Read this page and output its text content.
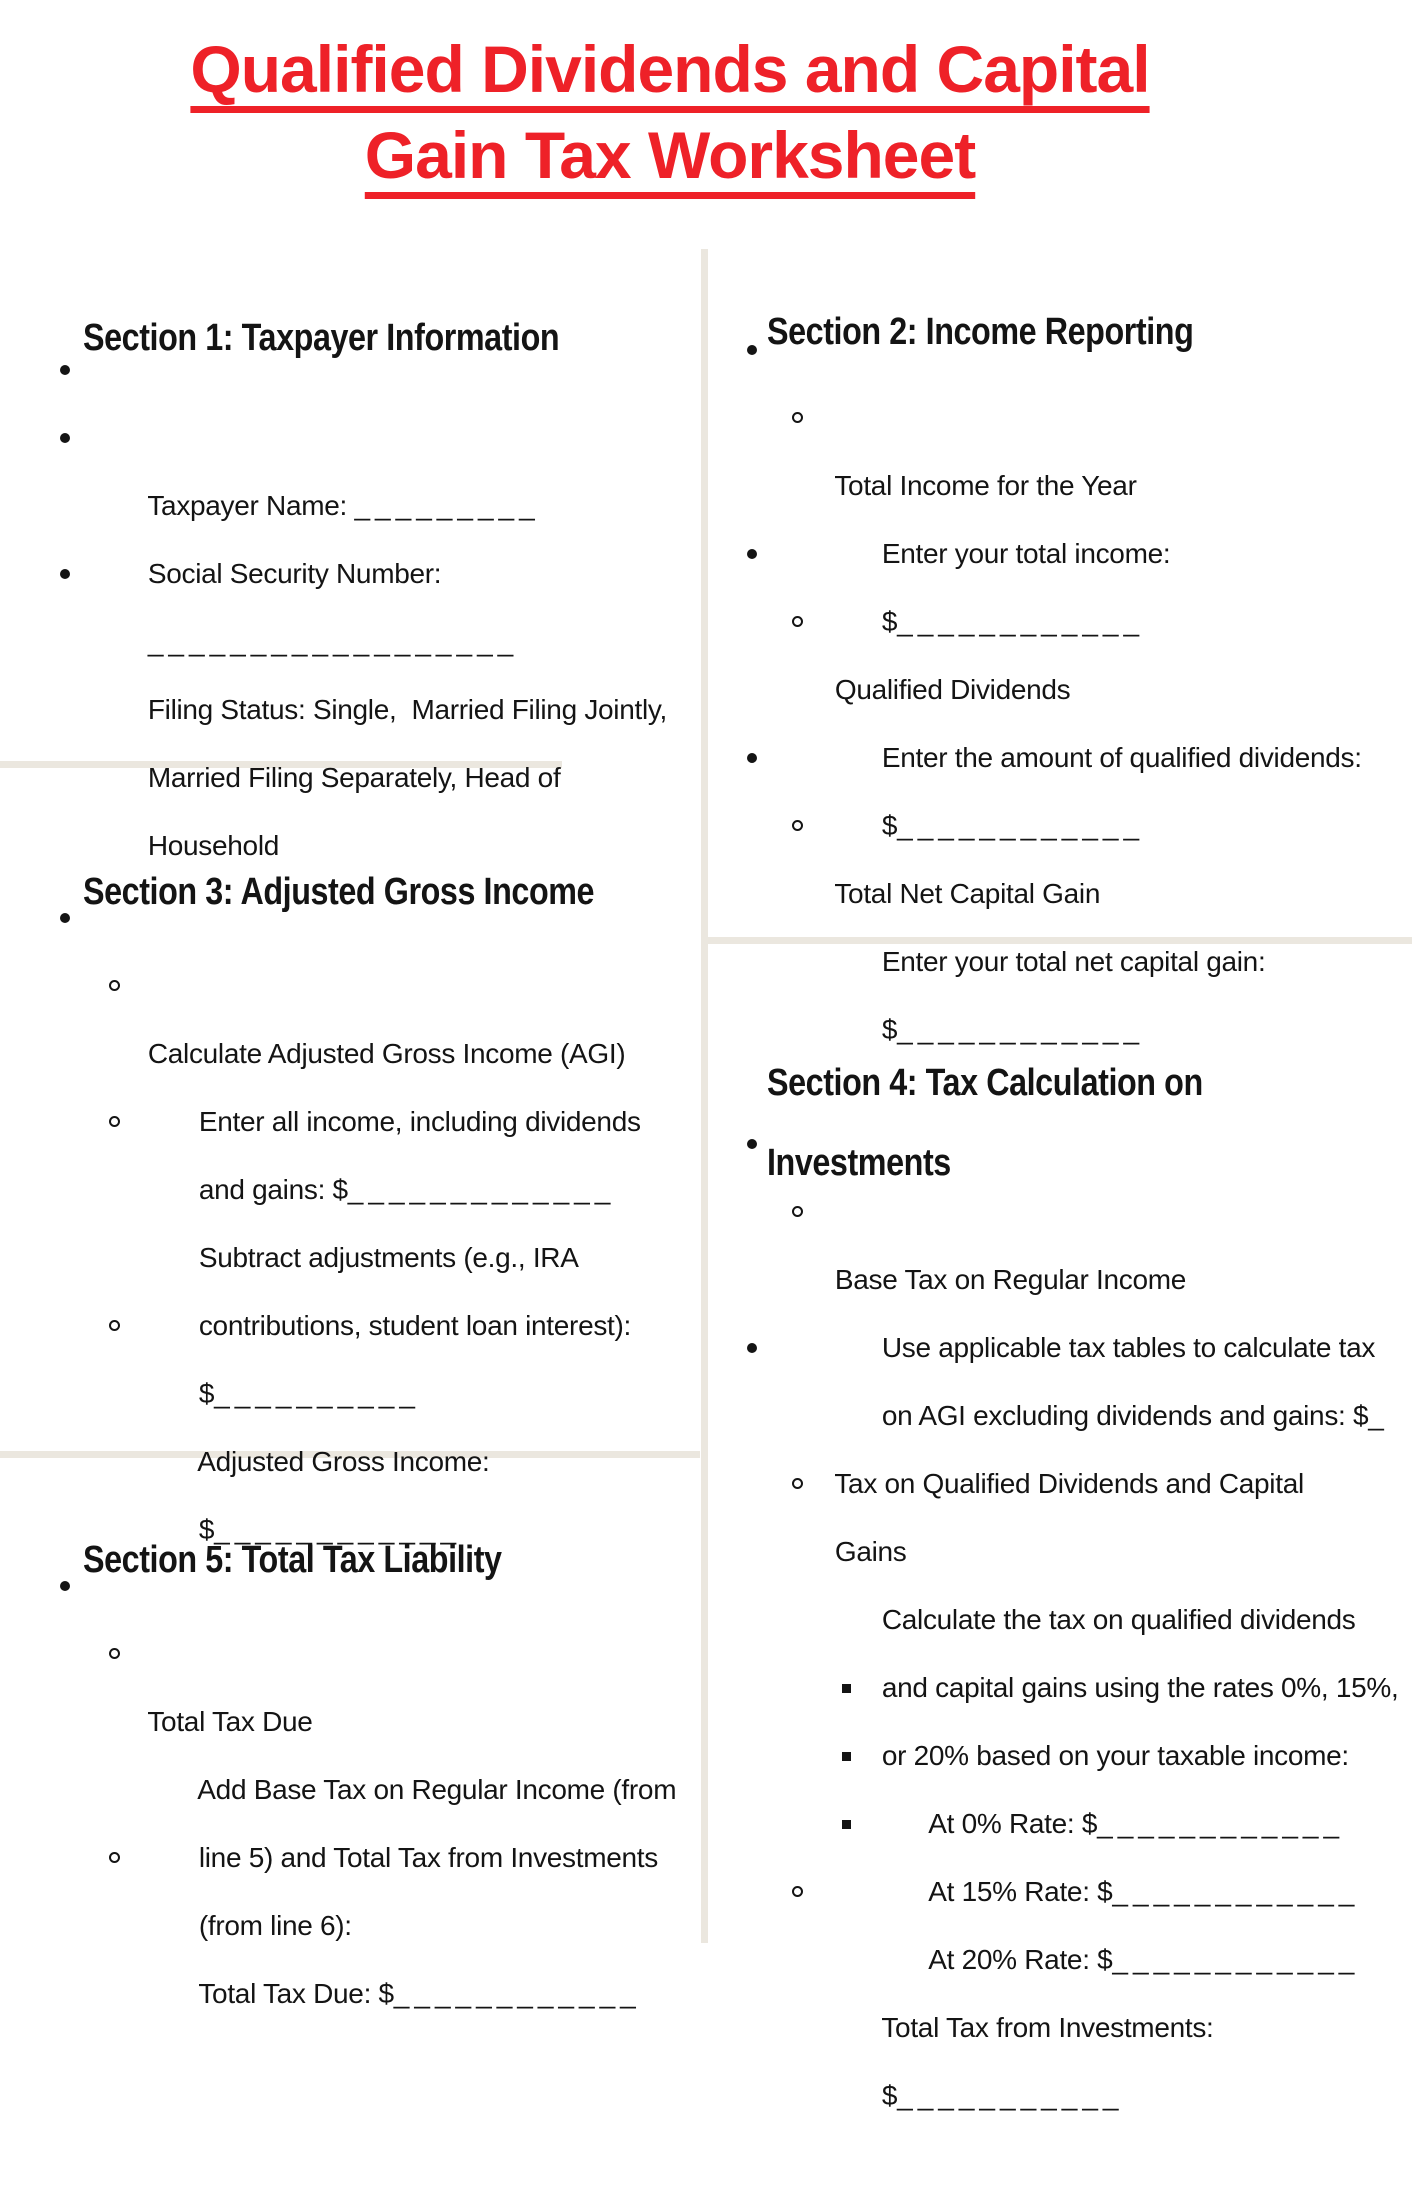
Qualified Dividends and Capital
Gain Tax Worksheet

Section 1: Taxpayer Information

Taxpayer Name: _ _ _ _ _ _ _ _ _

Social Security Number:

_ _ _ _ _ _ _ _ _ _ _ _ _ _ _ _ _ _

Filing Status: Single,  Married Filing Jointly,

Married Filing Separately, Head of

Household

Section 3: Adjusted Gross Income

Calculate Adjusted Gross Income (AGI)

Enter all income, including dividends

and gains: $_ _ _ _ _ _ _ _ _ _ _ _ _

Subtract adjustments (e.g., IRA

contributions, student loan interest):

$_ _ _ _ _ _ _ _ _ _

Adjusted Gross Income:

$_ _ _ _ _ _ _ _ _ _ _ _

Section 5: Total Tax Liability

Total Tax Due

Add Base Tax on Regular Income (from

line 5) and Total Tax from Investments

(from line 6):

Total Tax Due: $_ _ _ _ _ _ _ _ _ _ _ _

Section 2: Income Reporting

Total Income for the Year

Enter your total income:

$_ _ _ _ _ _ _ _ _ _ _ _

Qualified Dividends

Enter the amount of qualified dividends:

$_ _ _ _ _ _ _ _ _ _ _ _

Total Net Capital Gain

Enter your total net capital gain:

$_ _ _ _ _ _ _ _ _ _ _ _

Section 4: Tax Calculation on

Investments

Base Tax on Regular Income

Use applicable tax tables to calculate tax

on AGI excluding dividends and gains: $_

Tax on Qualified Dividends and Capital

Gains

Calculate the tax on qualified dividends

and capital gains using the rates 0%, 15%,

or 20% based on your taxable income:

At 0% Rate: $_ _ _ _ _ _ _ _ _ _ _ _

At 15% Rate: $_ _ _ _ _ _ _ _ _ _ _ _

At 20% Rate: $_ _ _ _ _ _ _ _ _ _ _ _

Total Tax from Investments:

$_ _ _ _ _ _ _ _ _ _ _
